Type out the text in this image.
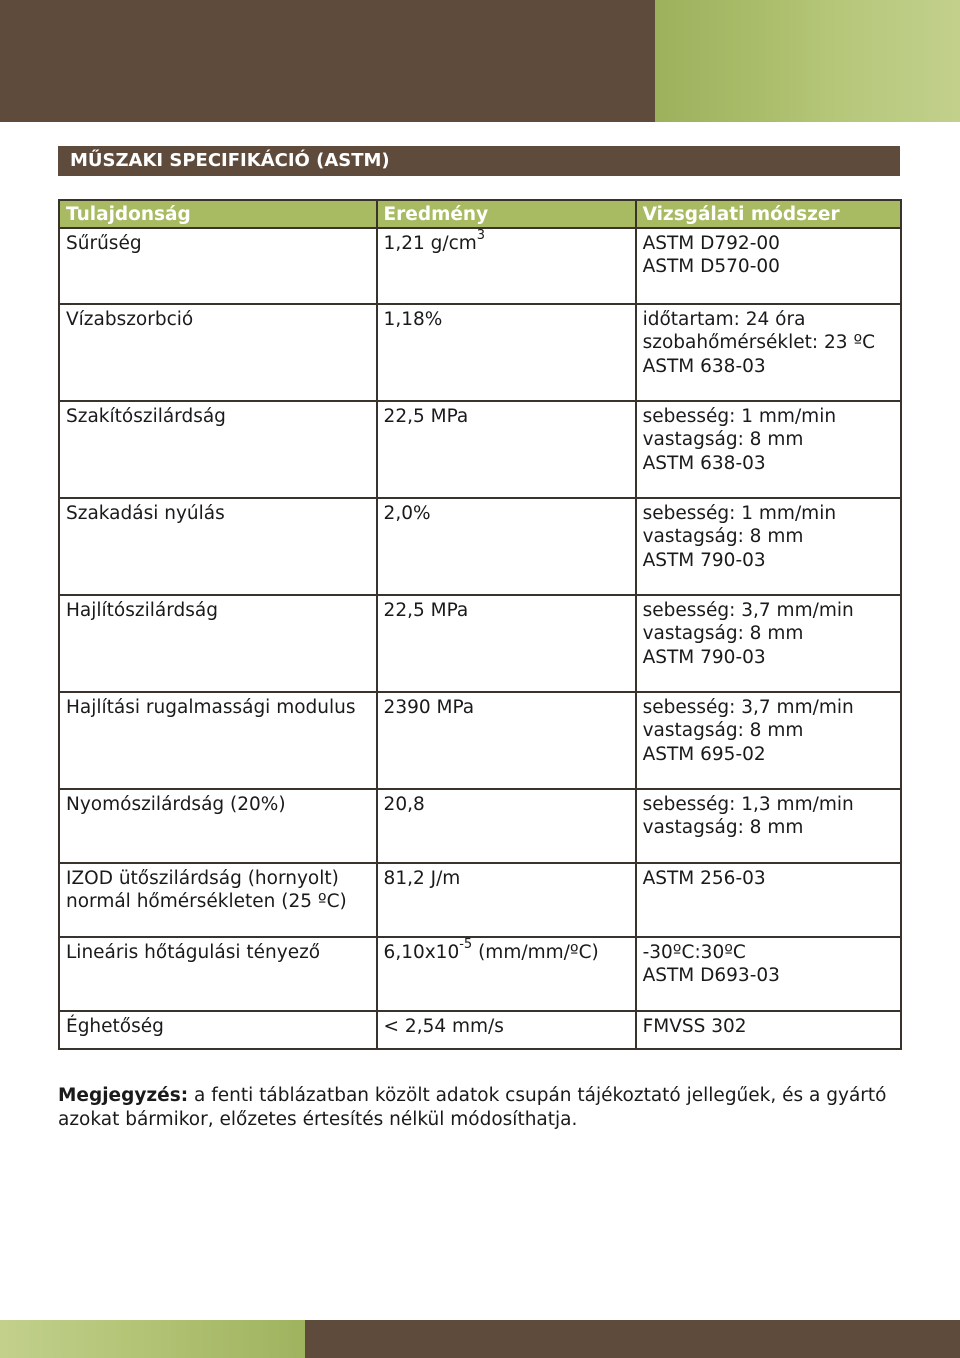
MŰSZAKI SPECIFIKÁCIÓ (ASTM)
Tulajdonság	Eredmény	Vizsgálati módszer

Sűrűség	1,21 $g/cm^3$	ASTM D792-00
ASTM D570-00

Vízabszorbció	1,18%	időtartam: 24 óra
szobahőmérséklet: 23 ºC
ASTM 638-03

Szakítószilárdság	22,5 MPa	sebesség: 1 mm/min
vastagság: 8 mm
ASTM 638-03

Szakadási nyúlás	2,0%	sebesség: 1 mm/min
vastagság: 8 mm
ASTM 790-03

Hajlítószilárdság	22,5 MPa	sebesség: 3,7 mm/min
vastagság: 8 mm
ASTM 790-03

Hajlítási rugalmassági modulus	2390 MPa	sebesség: 3,7 mm/min
vastagság: 8 mm
ASTM 695-02

Nyomószilárdság (20%)	20,8	sebesség: 1,3 mm/min
vastagság: 8 mm

IZOD ütőszilárdság (hornyolt)
normál hőmérsékleten (25 ºC)	81,2 J/m	ASTM 256-03

Lineáris hőtágulási tényező	$6,10x10^{-5}$ (mm/mm/ºC)	-30ºC:30ºC
ASTM D693-03

Éghetőség	< 2,54 mm/s	FMVSS 302
Megjegyzés: a fenti táblázatban közölt adatok csupán tájékoztató jellegűek, és a gyártó azokat bármikor, előzetes értesítés nélkül módosíthatja.
